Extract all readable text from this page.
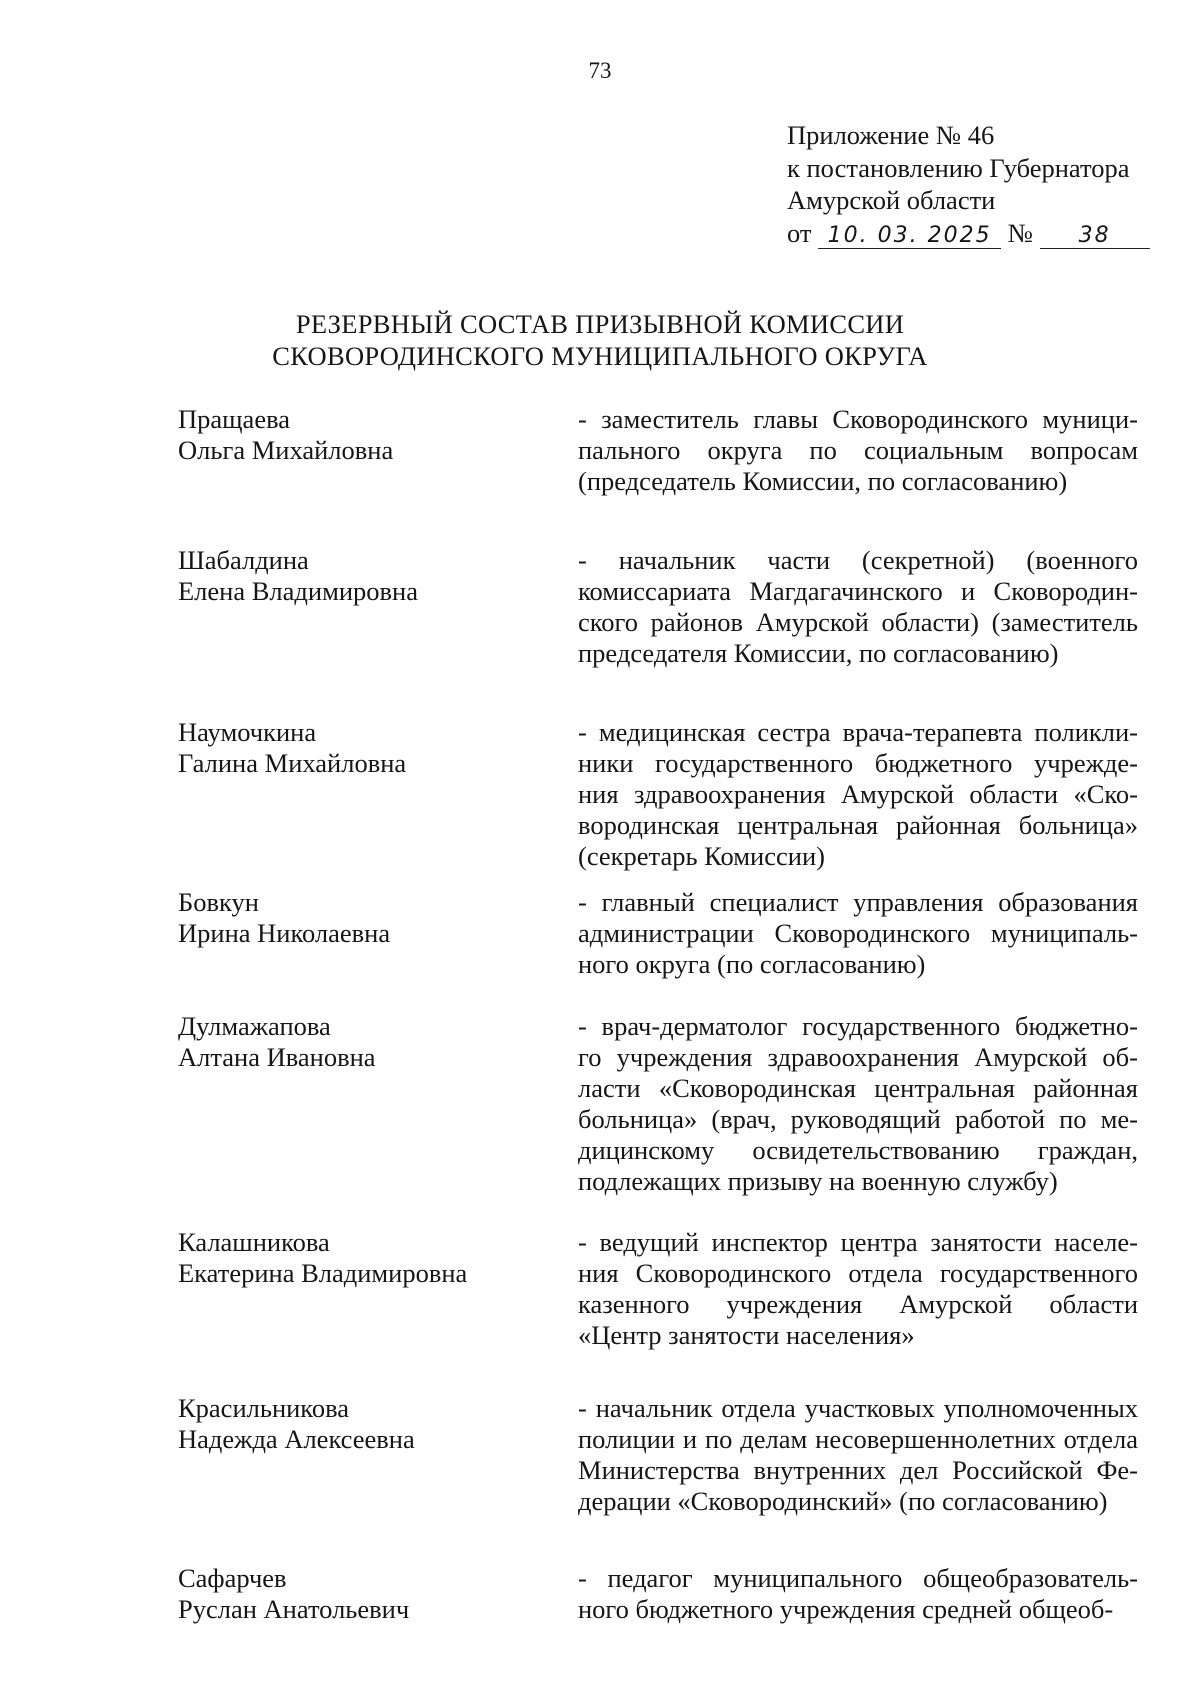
73
Приложение № 46
к постановлению Губернатора
Амурской области
от 10. 03. 2025 № 38
РЕЗЕРВНЫЙ СОСТАВ ПРИЗЫВНОЙ КОМИССИИ
СКОВОРОДИНСКОГО МУНИЦИПАЛЬНОГО ОКРУГА
Пращаева
Ольга Михайловна
- заместитель главы Сковородинского муници-
пального округа по социальным вопросам
(председатель Комиссии, по согласованию)
Шабалдина
Елена Владимировна
- начальник части (секретной) (военного
комиссариата Магдагачинского и Сковородин-
ского районов Амурской области) (заместитель
председателя Комиссии, по согласованию)
Наумочкина
Галина Михайловна
- медицинская сестра врача-терапевта поликли-
ники государственного бюджетного учрежде-
ния здравоохранения Амурской области «Ско-
вородинская центральная районная больница»
(секретарь Комиссии)
Бовкун
Ирина Николаевна
- главный специалист управления образования
администрации Сковородинского муниципаль-
ного округа (по согласованию)
Дулмажапова
Алтана Ивановна
- врач-дерматолог государственного бюджетно-
го учреждения здравоохранения Амурской об-
ласти «Сковородинская центральная районная
больница» (врач, руководящий работой по ме-
дицинскому освидетельствованию граждан,
подлежащих призыву на военную службу)
Калашникова
Екатерина Владимировна
- ведущий инспектор центра занятости населе-
ния Сковородинского отдела государственного
казенного учреждения Амурской области
«Центр занятости населения»
Красильникова
Надежда Алексеевна
- начальник отдела участковых уполномоченных
полиции и по делам несовершеннолетних отдела
Министерства внутренних дел Российской Фе-
дерации «Сковородинский» (по согласованию)
Сафарчев
Руслан Анатольевич
- педагог муниципального общеобразователь-
ного бюджетного учреждения средней общеоб-
